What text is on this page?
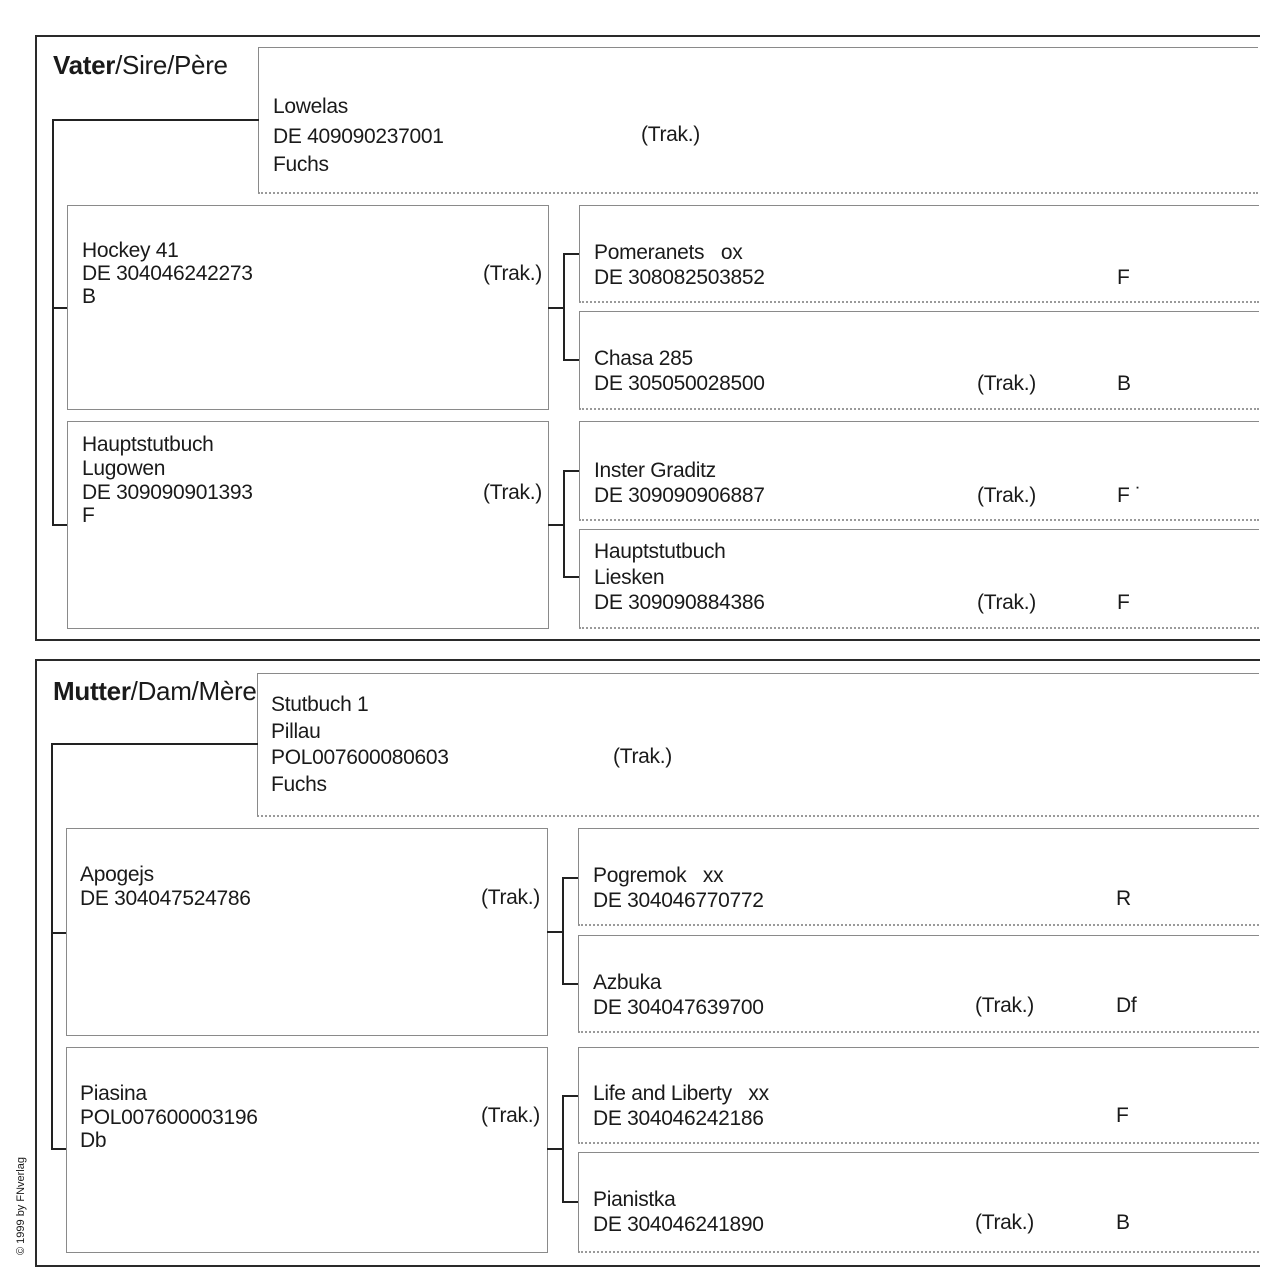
Vater/Sire/Père
Lowelas
DE 409090237001	(Trak.)
Fuchs
Hockey 41
DE 304046242273	(Trak.)
B
Hauptstutbuch
Lugowen
DE 309090901393	(Trak.)
F
Pomeranets ox
DE 308082503852	F
Chasa 285
DE 305050028500	(Trak.)	B
Inster Graditz
DE 309090906887	(Trak.)	F ˙
Hauptstutbuch
Liesken
DE 309090884386	(Trak.)	F
Mutter/Dam/Mère Stutbuch 1
Pillau
POL007600080603	(Trak.)
Fuchs
Apogejs
DE 304047524786	(Trak.)
Piasina
POL007600003196	(Trak.)
Db
Pogremok xx
DE 304046770772	R
Azbuka
DE 304047639700	(Trak.)	Df
Life and Liberty xx
DE 304046242186	F
Pianistka
DE 304046241890	(Trak.)	B
© 1999 by FNverlag
